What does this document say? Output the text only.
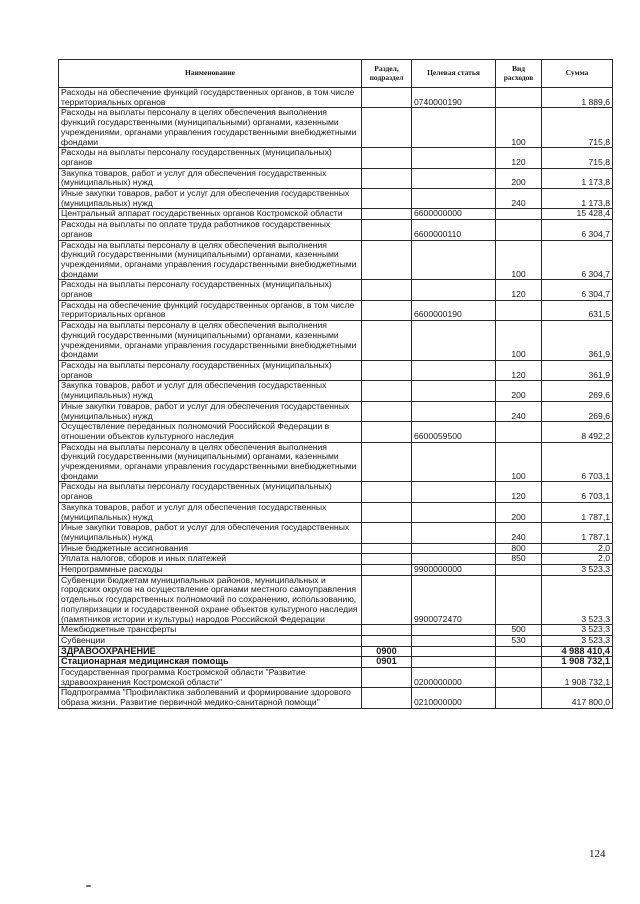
Наименование	Раздел, подраздел	Целевая статья	Вид расходов	Сумма
Расходы на обеспечение функций государственных органов, в том числе территориальных органов		0740000190		1 889,6
Расходы на выплаты персоналу в целях обеспечения выполнения функций государственными (муниципальными) органами, казенными учреждениями, органами управления государственными внебюджетными фондами			100	715,8
Расходы на выплаты персоналу государственных (муниципальных) органов			120	715,8
Закупка товаров, работ и услуг для обеспечения государственных (муниципальных) нужд			200	1 173,8
Иные закупки товаров, работ и услуг для обеспечения государственных (муниципальных) нужд			240	1 173,8
Центральный аппарат государственных органов Костромской области		6600000000		15 428,4
Расходы на выплаты по оплате труда работников государственных органов		6600000110		6 304,7
Расходы на выплаты персоналу в целях обеспечения выполнения функций государственными (муниципальными) органами, казенными учреждениями, органами управления государственными внебюджетными фондами			100	6 304,7
Расходы на выплаты персоналу государственных (муниципальных) органов			120	6 304,7
Расходы на обеспечение функций государственных органов, в том числе территориальных органов		6600000190		631,5
Расходы на выплаты персоналу в целях обеспечения выполнения функций государственными (муниципальными) органами, казенными учреждениями, органами управления государственными внебюджетными фондами			100	361,9
Расходы на выплаты персоналу государственных (муниципальных) органов			120	361,9
Закупка товаров, работ и услуг для обеспечения государственных (муниципальных) нужд			200	269,6
Иные закупки товаров, работ и услуг для обеспечения государственных (муниципальных) нужд			240	269,6
Осуществление переданных полномочий Российской Федерации в отношении объектов культурного наследия		6600059500		8 492,2
Расходы на выплаты персоналу в целях обеспечения выполнения функций государственными (муниципальными) органами, казенными учреждениями, органами управления государственными внебюджетными фондами			100	6 703,1
Расходы на выплаты персоналу государственных (муниципальных) органов			120	6 703,1
Закупка товаров, работ и услуг для обеспечения государственных (муниципальных) нужд			200	1 787,1
Иные закупки товаров, работ и услуг для обеспечения государственных (муниципальных) нужд			240	1 787,1
Иные бюджетные ассигнования			800	2,0
Уплата налогов, сборов и иных платежей			850	2,0
Непрограммные расходы		9900000000		3 523,3
Субвенции бюджетам муниципальных районов, муниципальных и городских округов на осуществление органами местного самоуправления отдельных государственных полномочий по сохранению, использованию, популяризации и государственной охране объектов культурного наследия (памятников истории и культуры) народов Российской Федерации		9900072470		3 523,3
Межбюджетные трансферты			500	3 523,3
Субвенции			530	3 523,3
ЗДРАВООХРАНЕНИЕ	0900			4 988 410,4
Стационарная медицинская помощь	0901			1 908 732,1
Государственная программа Костромской области "Развитие здравоохранения Костромской области"		0200000000		1 908 732,1
Подпрограмма "Профилактика заболеваний и формирование здорового образа жизни. Развитие первичной медико-санитарной помощи"		0210000000		417 800,0
124
